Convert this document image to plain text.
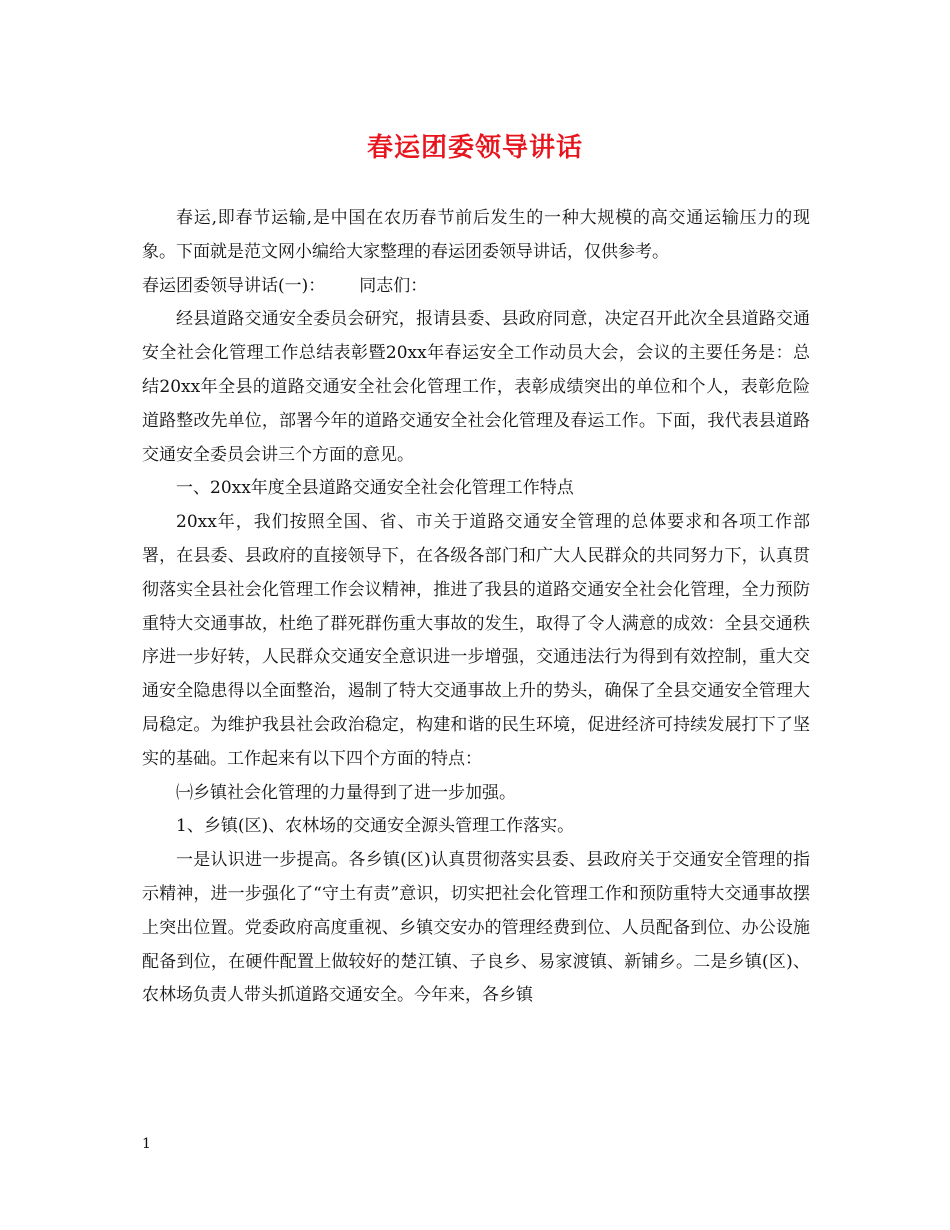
春运团委领导讲话

春运,即春节运输,是中国在农历春节前后发生的一种大规模的高交通运输压力的现象。下面就是范文网小编给大家整理的春运团委领导讲话，仅供参考。

春运团委领导讲话(一)： 同志们：

经县道路交通安全委员会研究，报请县委、县政府同意，决定召开此次全县道路交通安全社会化管理工作总结表彰暨20xx年春运安全工作动员大会，会议的主要任务是：总结20xx年全县的道路交通安全社会化管理工作，表彰成绩突出的单位和个人，表彰危险道路整改先单位，部署今年的道路交通安全社会化管理及春运工作。下面，我代表县道路交通安全委员会讲三个方面的意见。

一、20xx年度全县道路交通安全社会化管理工作特点

20xx年，我们按照全国、省、市关于道路交通安全管理的总体要求和各项工作部署，在县委、县政府的直接领导下，在各级各部门和广大人民群众的共同努力下，认真贯彻落实全县社会化管理工作会议精神，推进了我县的道路交通安全社会化管理，全力预防重特大交通事故，杜绝了群死群伤重大事故的发生，取得了令人满意的成效：全县交通秩序进一步好转，人民群众交通安全意识进一步增强，交通违法行为得到有效控制，重大交通安全隐患得以全面整治，遏制了特大交通事故上升的势头，确保了全县交通安全管理大局稳定。为维护我县社会政治稳定，构建和谐的民生环境，促进经济可持续发展打下了坚实的基础。工作起来有以下四个方面的特点：

㈠乡镇社会化管理的力量得到了进一步加强。

1、乡镇(区)、农林场的交通安全源头管理工作落实。

一是认识进一步提高。各乡镇(区)认真贯彻落实县委、县政府关于交通安全管理的指示精神，进一步强化了“守土有责”意识，切实把社会化管理工作和预防重特大交通事故摆上突出位置。党委政府高度重视、乡镇交安办的管理经费到位、人员配备到位、办公设施配备到位，在硬件配置上做较好的楚江镇、子良乡、易家渡镇、新铺乡。二是乡镇(区)、农林场负责人带头抓道路交通安全。今年来，各乡镇

1
